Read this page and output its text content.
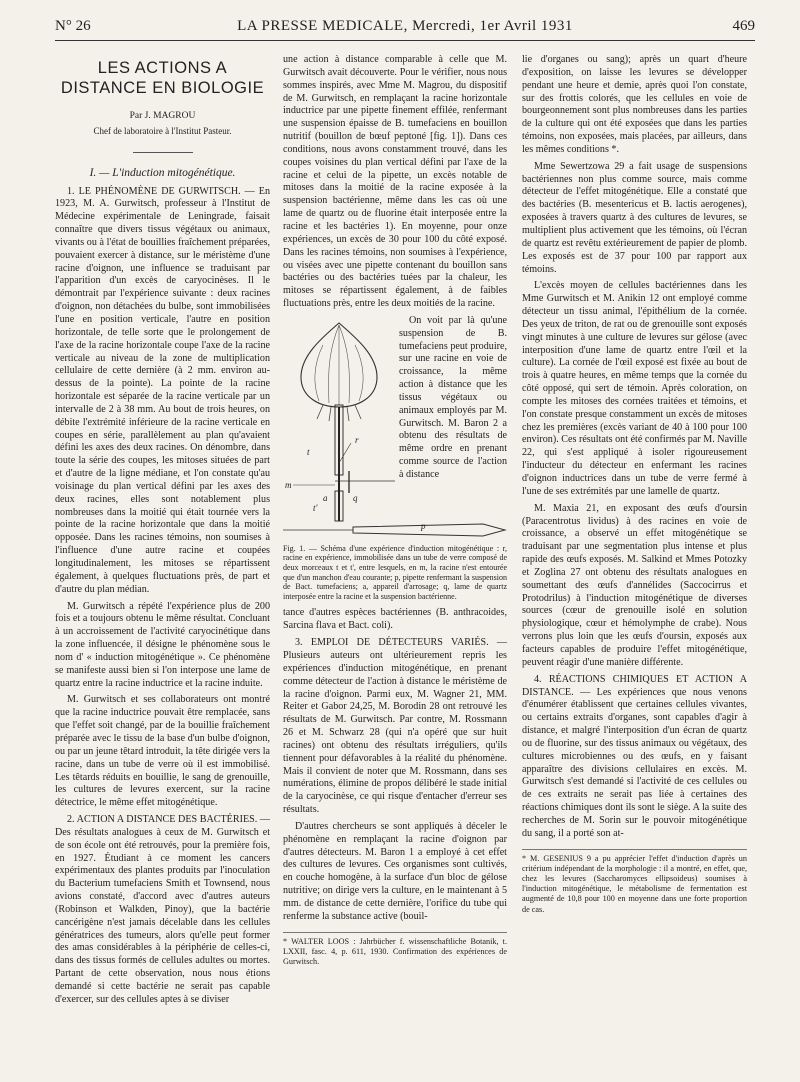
N° 26	LA PRESSE MEDICALE, Mercredi, 1er Avril 1931	469
LES ACTIONS A DISTANCE EN BIOLOGIE
Par J. MAGROU
Chef de laboratoire à l'Institut Pasteur.
I. — L'induction mitogénétique.

1. LE PHÉNOMÈNE DE GURWITSCH. — En 1923, M. A. Gurwitsch, professeur à l'Institut de Médecine expérimentale de Leningrade, faisait connaître que divers tissus végétaux ou animaux, vivants ou à l'état de bouillies fraîchement préparées, pouvaient exercer à distance, sur le méristème d'une racine d'oignon, une influence se traduisant par l'apparition d'un excès de caryocinèses. Il le démontrait par l'expérience suivante : deux racines d'oignon, non détachées du bulbe, sont immobilisées l'une en position verticale, l'autre en position horizontale, de telle sorte que le prolongement de l'axe de la racine horizontale coupe l'axe de la racine verticale au niveau de la zone de multiplication cellulaire de cette dernière (à 2 mm. environ au-dessus de la pointe). La pointe de la racine horizontale est séparée de la racine verticale par un intervalle de 2 à 38 mm. Au bout de trois heures, on débite l'extrémité inférieure de la racine verticale en coupes en série, parallèlement au plan qu'avaient défini les axes des deux racines. On dénombre, dans toute la série des coupes, les mitoses situées de part et d'autre de la ligne médiane, et l'on constate qu'au voisinage du plan vertical défini par les axes des deux racines, elles sont notablement plus nombreuses dans la moitié qui était tournée vers la pointe de la racine horizontale que dans la moitié opposée. Dans les racines témoins, non soumises à l'influence d'une autre racine et coupées longitudinalement, les mitoses se répartissent également, à quelques fluctuations près, de part et d'autre du plan médian.

M. Gurwitsch a répété l'expérience plus de 200 fois et a toujours obtenu le même résultat. Concluant à un accroissement de l'activité caryocinétique dans la zone influencée, il désigne le phénomène sous le nom d' « induction mitogénétique ». Ce phénomène se manifeste aussi bien si l'on interpose une lame de quartz entre la racine inductrice et la racine induite.

M. Gurwitsch et ses collaborateurs ont montré que la racine inductrice pouvait être remplacée, sans que l'effet soit changé, par de la bouillie fraîchement préparée avec le tissu de la base d'un bulbe d'oignon, ou par un jeune têtard introduit, la tête dirigée vers la racine, dans un tube de verre où il est immobilisé. Les têtards réduits en bouillie, le sang de grenouille, les cultures de levures exercent, sur la racine détectrice, le même effet mitogénétique.

2. ACTION A DISTANCE DES BACTÉRIES. — Des résultats analogues à ceux de M. Gurwitsch et de son école ont été retrouvés, pour la première fois, en 1927. Étudiant à ce moment les cancers expérimentaux des plantes produits par l'inoculation du Bacterium tumefaciens Smith et Townsend, nous avions constaté, d'accord avec d'autres auteurs (Robinson et Walkden, Pinoy), que la bactérie cancérigène n'est jamais décelable dans les cellules génératrices des tumeurs, alors qu'elle peut former des amas considérables à la périphérie de celles-ci, dans des tissus formés de cellules adultes ou mortes. Partant de cette observation, nous nous étions demandé si cette bactérie ne serait pas capable d'exercer, sur des cellules aptes à se diviser

une action à distance comparable à celle que M. Gurwitsch avait découverte. Pour le vérifier, nous nous sommes inspirés, avec Mme M. Magrou, du dispositif de M. Gurwitsch, en remplaçant la racine horizontale inductrice par une pipette finement effilée, renfermant une suspension épaisse de B. tumefaciens en bouillon nutritif (bouillon de bœuf peptoné [fig. 1]). Dans ces conditions, nous avons constamment trouvé, dans les coupes voisines du plan vertical défini par l'axe de la racine et celui de la pipette, un excès notable de mitoses dans la moitié de la racine exposée à la suspension bactérienne, même dans les cas où une lame de quartz ou de fluorine était interposée entre la racine et les bactéries 1). En moyenne, pour onze expériences, un excès de 30 pour 100 du côté exposé. Dans les racines témoins, non soumises à l'expérience, ou visées avec une pipette contenant du bouillon sans bactéries ou des bactéries tuées par la chaleur, les mitoses se répartissent également, à de faibles fluctuations près, entre les deux moitiés de la racine.

r
t
t'
m
a	q

On voit par là qu'une suspension de B. tumefaciens peut produire, sur une racine en voie de croissance, la même action à distance que les tissus végétaux ou animaux employés par M. Gurwitsch. M. Baron 2 a obtenu des résultats de même ordre en prenant comme source de l'action à distance

p
Fig. 1. — Schéma d'une expérience d'induction mitogénétique : r, racine en expérience, immobilisée dans un tube de verre composé de deux morceaux t et t', entre lesquels, en m, la racine n'est entourée que d'un manchon d'eau courante; p, pipette renfermant la suspension de Bact. tumefaciens; a, appareil d'arrosage; q, lame de quartz interposée entre la racine et la suspension bactérienne.

tance d'autres espèces bactériennes (B. anthracoides, Sarcina flava et Bact. coli).

3. EMPLOI DE DÉTECTEURS VARIÉS. — Plusieurs auteurs ont ultérieurement repris les expériences d'induction mitogénétique, en prenant comme détecteur de l'action à distance le méristème de la racine d'oignon. Parmi eux, M. Wagner 21, MM. Reiter et Gabor 24,25, M. Borodin 28 ont retrouvé les résultats de M. Gurwitsch. Par contre, M. Rossmann 26 et M. Schwarz 28 (qui n'a opéré que sur huit racines) ont obtenu des résultats irréguliers, qu'ils tiennent pour défavorables à la réalité du phénomène. Mais il convient de noter que M. Rossmann, dans ses numérations, élimine de propos délibéré le stade initial de la caryocinèse, ce qui risque d'entacher d'erreur ses résultats.

D'autres chercheurs se sont appliqués à déceler le phénomène en remplaçant la racine d'oignon par d'autres détecteurs. M. Baron 1 a employé à cet effet des cultures de levures. Ces organismes sont cultivés, en couche homogène, à la surface d'un bloc de gélose nutritive; on dirige vers la culture, en le maintenant à 5 mm. de distance de cette dernière, l'orifice du tube qui renferme la substance active (bouil-

* WALTER LOOS : Jahrbücher f. wissenschaftliche Botanik, t. LXXII, fasc. 4, p. 611, 1930. Confirmation des expériences de Gurwitsch.

lie d'organes ou sang); après un quart d'heure d'exposition, on laisse les levures se développer pendant une heure et demie, après quoi l'on constate, sur des frottis colorés, que les cellules en voie de bourgeonnement sont plus nombreuses dans les parties de la culture qui ont été exposées que dans les parties témoins, non exposées, mais placées, par ailleurs, dans les mêmes conditions *.

Mme Sewertzowa 29 a fait usage de suspensions bactériennes non plus comme source, mais comme détecteur de l'effet mitogénétique. Elle a constaté que des bactéries (B. mesentericus et B. lactis aerogenes), exposées à travers quartz à des cultures de levures, se multiplient plus activement que les témoins, où l'écran de quartz est revêtu extérieurement de papier de plomb. Les exposés est de 37 pour 100 par rapport aux témoins.

L'excès moyen de cellules bactériennes dans les Mme Gurwitsch et M. Anikin 12 ont employé comme détecteur un tissu animal, l'épithélium de la cornée. Des yeux de triton, de rat ou de grenouille sont exposés vingt minutes à une culture de levures sur gélose (avec interposition d'une lame de quartz entre l'œil et la culture). La cornée de l'œil exposé est fixée au bout de trois à quatre heures, en même temps que la cornée du côté opposé, qui sert de témoin. Après coloration, on compte les mitoses des cornées traitées et témoins, et l'on constate presque constamment un excès de mitoses chez les premières (excès variant de 40 à 100 pour 100 environ). Ces résultats ont été confirmés par M. Naville 22, qui s'est appliqué à isoler rigoureusement l'inducteur du détecteur en enfermant les racines d'oignon inductrices dans un tube de verre fermé à l'une de ses extrémités par une lamelle de quartz.

M. Maxia 21, en exposant des œufs d'oursin (Paracentrotus lividus) à des racines en voie de croissance, a observé un effet mitogénétique se traduisant par une segmentation plus intense et plus rapide des œufs exposés. M. Salkind et Mmes Potozky et Zoglina 27 ont obtenu des résultats analogues en soumettant des œufs d'annélides (Saccocirrus et Protodrilus) à l'induction mitogénétique de diverses sources (cœur de grenouille isolé en solution physiologique, cœur et hémolymphe de crabe). Nous verrons plus loin que les œufs d'oursin, exposés aux facteurs capables de produire l'effet mitogénétique, peuvent réagir d'une manière différente.

4. RÉACTIONS CHIMIQUES ET ACTION A DISTANCE. — Les expériences que nous venons d'énumérer établissent que certaines cellules vivantes, ou certains extraits d'organes, sont capables d'agir à distance, et malgré l'interposition d'un écran de quartz ou de fluorine, sur des tissus animaux ou végétaux, des cultures microbiennes ou des œufs, en y faisant apparaître des divisions cellulaires en excès. M. Gurwitsch s'est demandé si l'activité de ces cellules ou de ces extraits ne serait pas liée à certaines des réactions chimiques dont ils sont le siège. A la suite des recherches de M. Sorin sur le pouvoir mitogénétique du sang, il a porté son at-

* M. GESENIUS 9 a pu apprécier l'effet d'induction d'après un critérium indépendant de la morphologie : il a montré, en effet, que, chez les levures (Saccharomyces ellipsoideus) soumises à l'induction mitogénétique, le métabolisme de fermentation est augmenté de 10,8 pour 100 en moyenne dans une forte proportion de cas.
